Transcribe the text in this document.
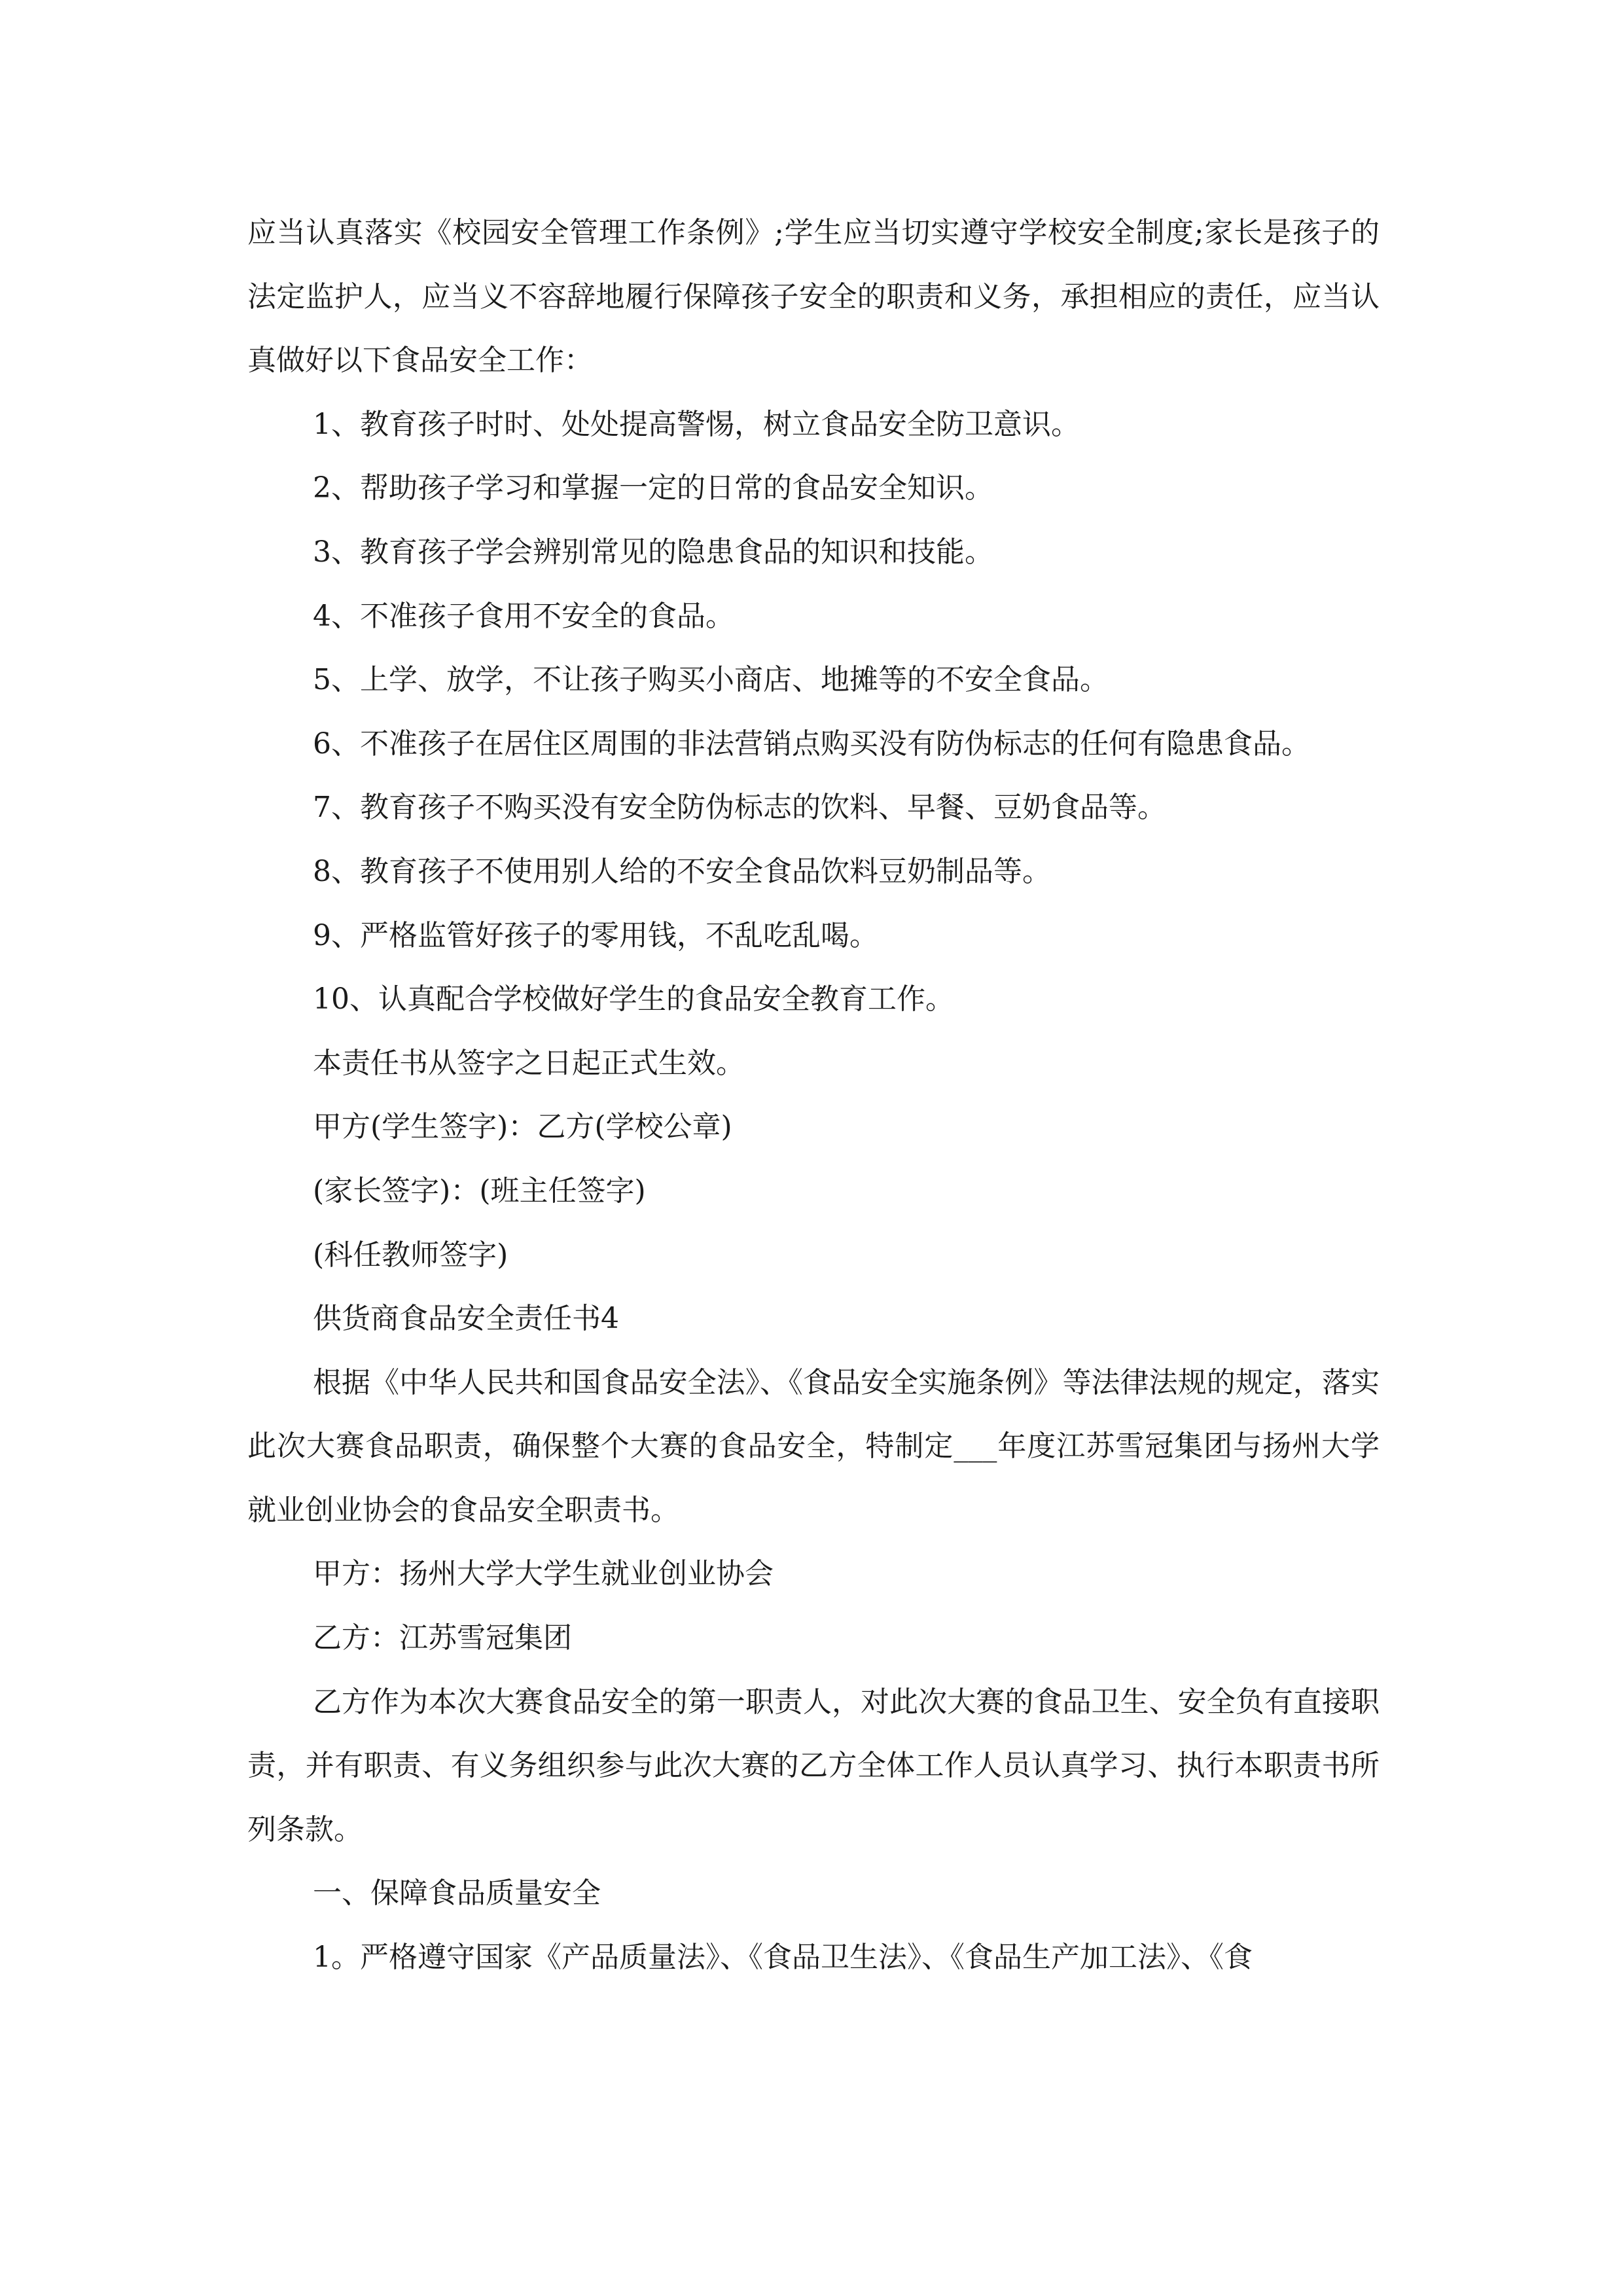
应当认真落实《校园安全管理工作条例》;学生应当切实遵守学校安全制度;家长是孩子的法定监护人，应当义不容辞地履行保障孩子安全的职责和义务，承担相应的责任，应当认真做好以下食品安全工作：

1、教育孩子时时、处处提高警惕，树立食品安全防卫意识。

2、帮助孩子学习和掌握一定的日常的食品安全知识。

3、教育孩子学会辨别常见的隐患食品的知识和技能。

4、不准孩子食用不安全的食品。

5、上学、放学，不让孩子购买小商店、地摊等的不安全食品。

6、不准孩子在居住区周围的非法营销点购买没有防伪标志的任何有隐患食品。

7、教育孩子不购买没有安全防伪标志的饮料、早餐、豆奶食品等。

8、教育孩子不使用别人给的不安全食品饮料豆奶制品等。

9、严格监管好孩子的零用钱，不乱吃乱喝。

10、认真配合学校做好学生的食品安全教育工作。

本责任书从签字之日起正式生效。

甲方(学生签字)：乙方(学校公章)

(家长签字)：(班主任签字)

(科任教师签字)

供货商食品安全责任书4

根据《中华人民共和国食品安全法》、《食品安全实施条例》等法律法规的规定，落实此次大赛食品职责，确保整个大赛的食品安全，特制定___年度江苏雪冠集团与扬州大学就业创业协会的食品安全职责书。

甲方：扬州大学大学生就业创业协会

乙方：江苏雪冠集团

乙方作为本次大赛食品安全的第一职责人，对此次大赛的食品卫生、安全负有直接职责，并有职责、有义务组织参与此次大赛的乙方全体工作人员认真学习、执行本职责书所列条款。

一、保障食品质量安全

1。严格遵守国家《产品质量法》、《食品卫生法》、《食品生产加工法》、《食
